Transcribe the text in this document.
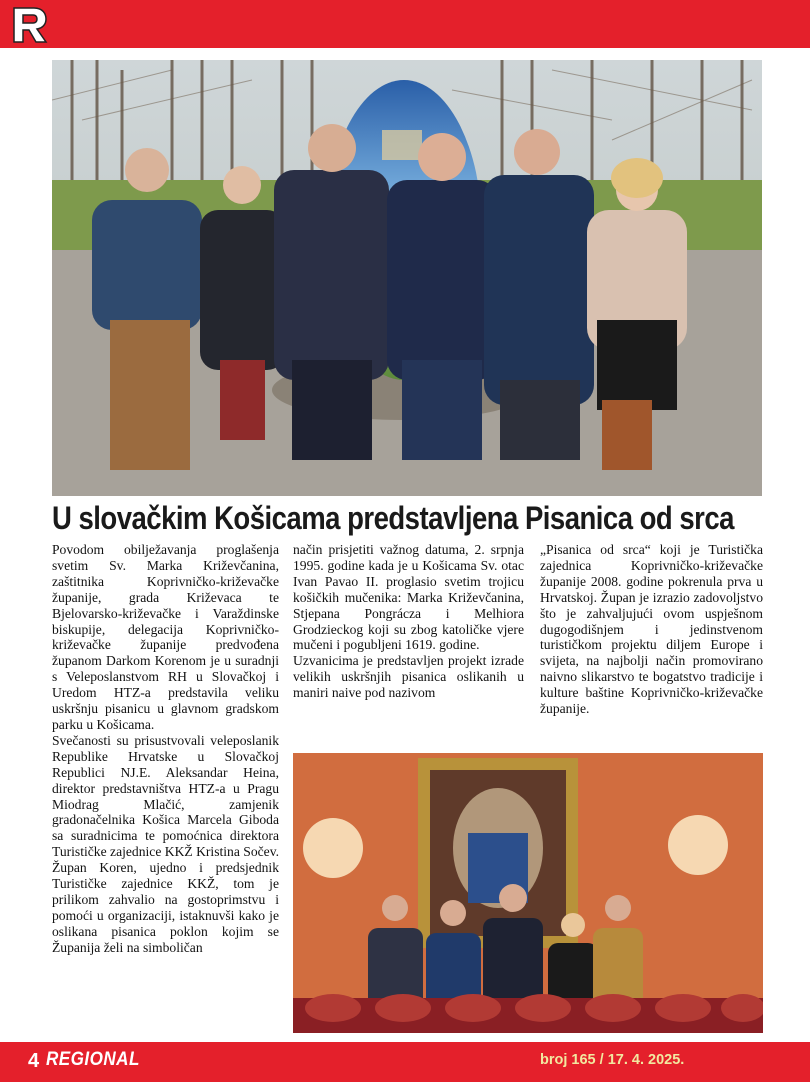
U slovačkim Košicama predstavljena Pisanica od srca

Povodom obilježavanja proglašenja svetim Sv. Marka Križevčanina, zaštitnika Koprivničko-križevačke županije, grada Križevaca te Bjelovarsko-križevačke i Varaždinske biskupije, delegacija Koprivničko-križevačke županije predvođena županom Darkom Korenom je u suradnji s Veleposlanstvom RH u Slovačkoj i Uredom HTZ-a predstavila veliku uskršnju pisanicu u glavnom gradskom parku u Košicama.

Svečanosti su prisustvovali veleposlanik Republike Hrvatske u Slovačkoj Republici NJ.E. Aleksandar Heina, direktor predstavništva HTZ-a u Pragu Miodrag Mlačić, zamjenik gradonačelnika Košica Marcela Giboda sa suradnicima te pomoćnica direktora Turističke zajednice KKŽ Kristina Sočev.

Župan Koren, ujedno i predsjednik Turističke zajednice KKŽ, tom je prilikom zahvalio na gostoprimstvu i pomoći u organizaciji, istaknuvši kako je oslikana pisanica poklon kojim se Županija želi na simboličan

način prisjetiti važnog datuma, 2. srpnja 1995. godine kada je u Košicama Sv. otac Ivan Pavao II. proglasio svetim trojicu košičkih mučenika: Marka Križevčanina, Stjepana Pongrácza i Melhiora Grodzieckog koji su zbog katoličke vjere mučeni i pogubljeni 1619. godine.

Uzvanicima je predstavljen projekt izrade velikih uskršnjih pisanica oslikanih u maniri naive pod nazivom

„Pisanica od srca“ koji je Turistička zajednica Koprivničko-križevačke županije 2008. godine pokrenula prva u Hrvatskoj. Župan je izrazio zadovoljstvo što je zahvaljujući ovom uspješnom dugogodišnjem i jedinstvenom turističkom projektu diljem Europe i svijeta, na najbolji način promovirano naivno slikarstvo te bogatstvo tradicije i kulture baštine Koprivničko-križevačke županije.

4 REGIONAL	broj 165 / 17. 4. 2025.
